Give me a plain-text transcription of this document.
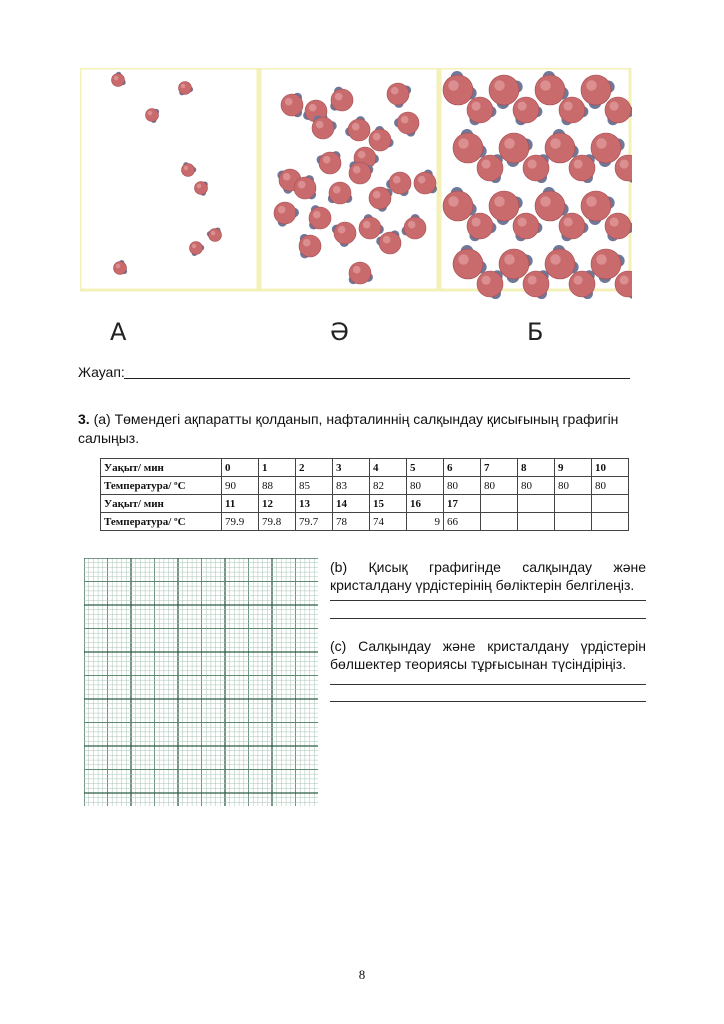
А	Ә	Б
Жауап:
3. (а) Төмендегі ақпаратты қолданып, нафталиннің салқындау қисығының графигін салыңыз.
Уақыт/ мин	0	1	2	3	4	5	6	7	8	9	10
Температура/ ºC	90	88	85	83	82	80	80	80	80	80	80
Уақыт/ мин	11	12	13	14	15	16	17				
Температура/ ºC	79.9	79.8	79.7	78	74	9	66				
(b) Қисық графигінде салқындау және кристалдану үрдістерінің бөліктерін белгілеңіз.
(c) Салқындау және кристалдану үрдістерін бөлшектер теориясы тұрғысынан түсіндіріңіз.
8
